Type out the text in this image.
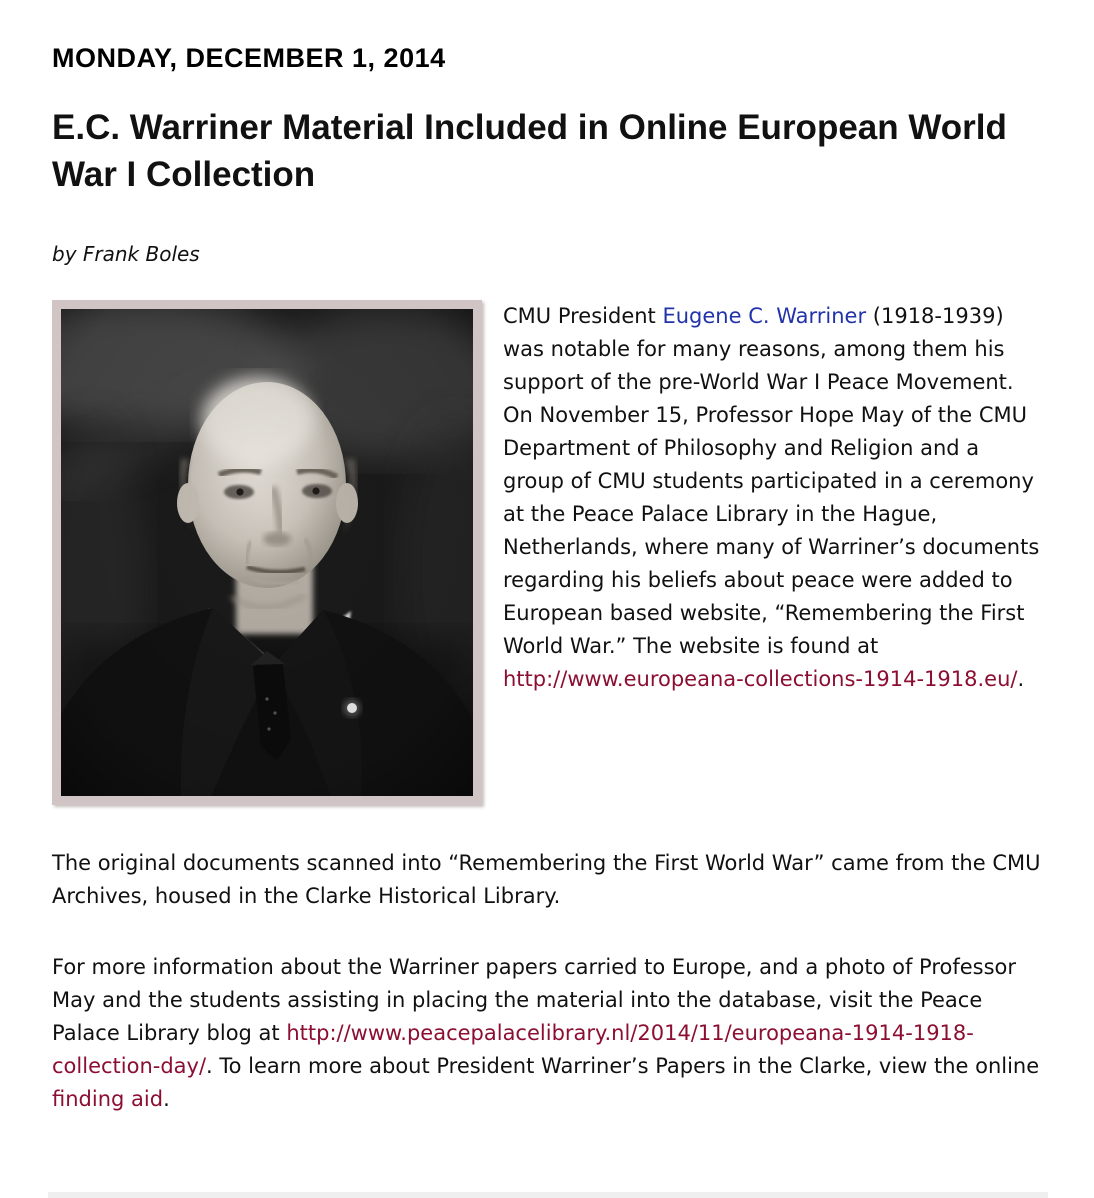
MONDAY, DECEMBER 1, 2014
E.C. Warriner Material Included in Online European World War I Collection

by Frank Boles

CMU President Eugene C. Warriner (1918-1939) was notable for many reasons, among them his support of the pre-World War I Peace Movement. On November 15, Professor Hope May of the CMU Department of Philosophy and Religion and a group of CMU students participated in a ceremony at the Peace Palace Library in the Hague, Netherlands, where many of Warriner’s documents regarding his beliefs about peace were added to European based website, “Remembering the First World War.” The website is found at http://www.europeana-collections-1914-1918.eu/.

The original documents scanned into “Remembering the First World War” came from the CMU Archives, housed in the Clarke Historical Library.

For more information about the Warriner papers carried to Europe, and a photo of Professor May and the students assisting in placing the material into the database, visit the Peace Palace Library blog at http://www.peacepalacelibrary.nl/2014/11/europeana-1914-1918-collection-day/. To learn more about President Warriner’s Papers in the Clarke, view the online finding aid.
